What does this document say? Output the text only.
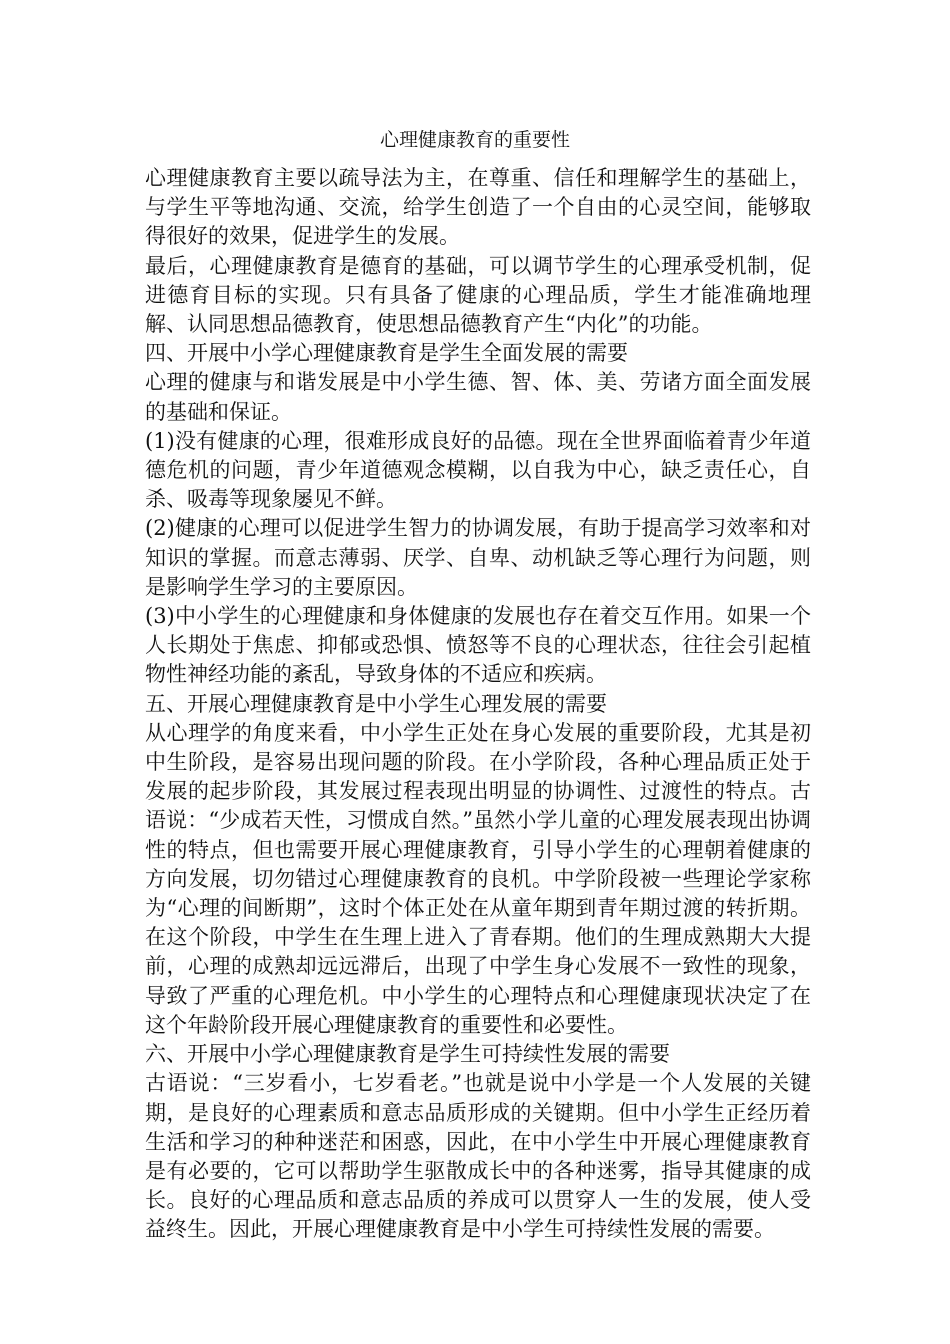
心理健康教育的重要性

心理健康教育主要以疏导法为主，在尊重、信任和理解学生的基础上，与学生平等地沟通、交流，给学生创造了一个自由的心灵空间，能够取得很好的效果，促进学生的发展。

最后，心理健康教育是德育的基础，可以调节学生的心理承受机制，促进德育目标的实现。只有具备了健康的心理品质，学生才能准确地理解、认同思想品德教育，使思想品德教育产生“内化”的功能。

四、开展中小学心理健康教育是学生全面发展的需要

心理的健康与和谐发展是中小学生德、智、体、美、劳诸方面全面发展的基础和保证。

(1)没有健康的心理，很难形成良好的品德。现在全世界面临着青少年道德危机的问题，青少年道德观念模糊，以自我为中心，缺乏责任心，自杀、吸毒等现象屡见不鲜。

(2)健康的心理可以促进学生智力的协调发展，有助于提高学习效率和对知识的掌握。而意志薄弱、厌学、自卑、动机缺乏等心理行为问题，则是影响学生学习的主要原因。

(3)中小学生的心理健康和身体健康的发展也存在着交互作用。如果一个人长期处于焦虑、抑郁或恐惧、愤怒等不良的心理状态，往往会引起植物性神经功能的紊乱，导致身体的不适应和疾病。

五、开展心理健康教育是中小学生心理发展的需要

从心理学的角度来看，中小学生正处在身心发展的重要阶段，尤其是初中生阶段，是容易出现问题的阶段。在小学阶段，各种心理品质正处于发展的起步阶段，其发展过程表现出明显的协调性、过渡性的特点。古语说：“少成若天性，习惯成自然。”虽然小学儿童的心理发展表现出协调性的特点，但也需要开展心理健康教育，引导小学生的心理朝着健康的方向发展，切勿错过心理健康教育的良机。中学阶段被一些理论学家称为“心理的间断期”，这时个体正处在从童年期到青年期过渡的转折期。在这个阶段，中学生在生理上进入了青春期。他们的生理成熟期大大提前，心理的成熟却远远滞后，出现了中学生身心发展不一致性的现象，导致了严重的心理危机。中小学生的心理特点和心理健康现状决定了在这个年龄阶段开展心理健康教育的重要性和必要性。

六、开展中小学心理健康教育是学生可持续性发展的需要

古语说：“三岁看小，七岁看老。”也就是说中小学是一个人发展的关键期，是良好的心理素质和意志品质形成的关键期。但中小学生正经历着生活和学习的种种迷茫和困惑，因此，在中小学生中开展心理健康教育是有必要的，它可以帮助学生驱散成长中的各种迷雾，指导其健康的成长。良好的心理品质和意志品质的养成可以贯穿人一生的发展，使人受益终生。因此，开展心理健康教育是中小学生可持续性发展的需要。
